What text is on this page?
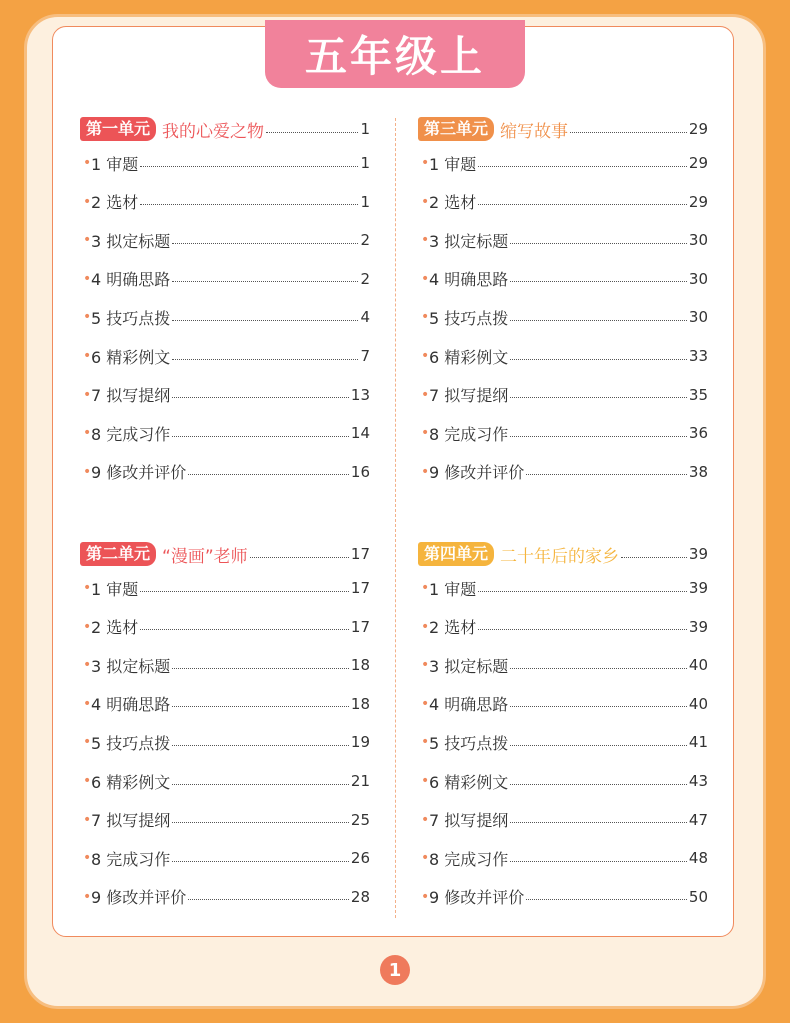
五年级上
第一单元 我的心爱之物	1
• 1 审题	1
• 2 选材	1
• 3 拟定标题	2
• 4 明确思路	2
• 5 技巧点拨	4
• 6 精彩例文	7
• 7 拟写提纲	13
• 8 完成习作	14
• 9 修改并评价	16
第二单元 “漫画”老师	17
• 1 审题	17
• 2 选材	17
• 3 拟定标题	18
• 4 明确思路	18
• 5 技巧点拨	19
• 6 精彩例文	21
• 7 拟写提纲	25
• 8 完成习作	26
• 9 修改并评价	28
第三单元 缩写故事	29
• 1 审题	29
• 2 选材	29
• 3 拟定标题	30
• 4 明确思路	30
• 5 技巧点拨	30
• 6 精彩例文	33
• 7 拟写提纲	35
• 8 完成习作	36
• 9 修改并评价	38
第四单元 二十年后的家乡	39
• 1 审题	39
• 2 选材	39
• 3 拟定标题	40
• 4 明确思路	40
• 5 技巧点拨	41
• 6 精彩例文	43
• 7 拟写提纲	47
• 8 完成习作	48
• 9 修改并评价	50
1
